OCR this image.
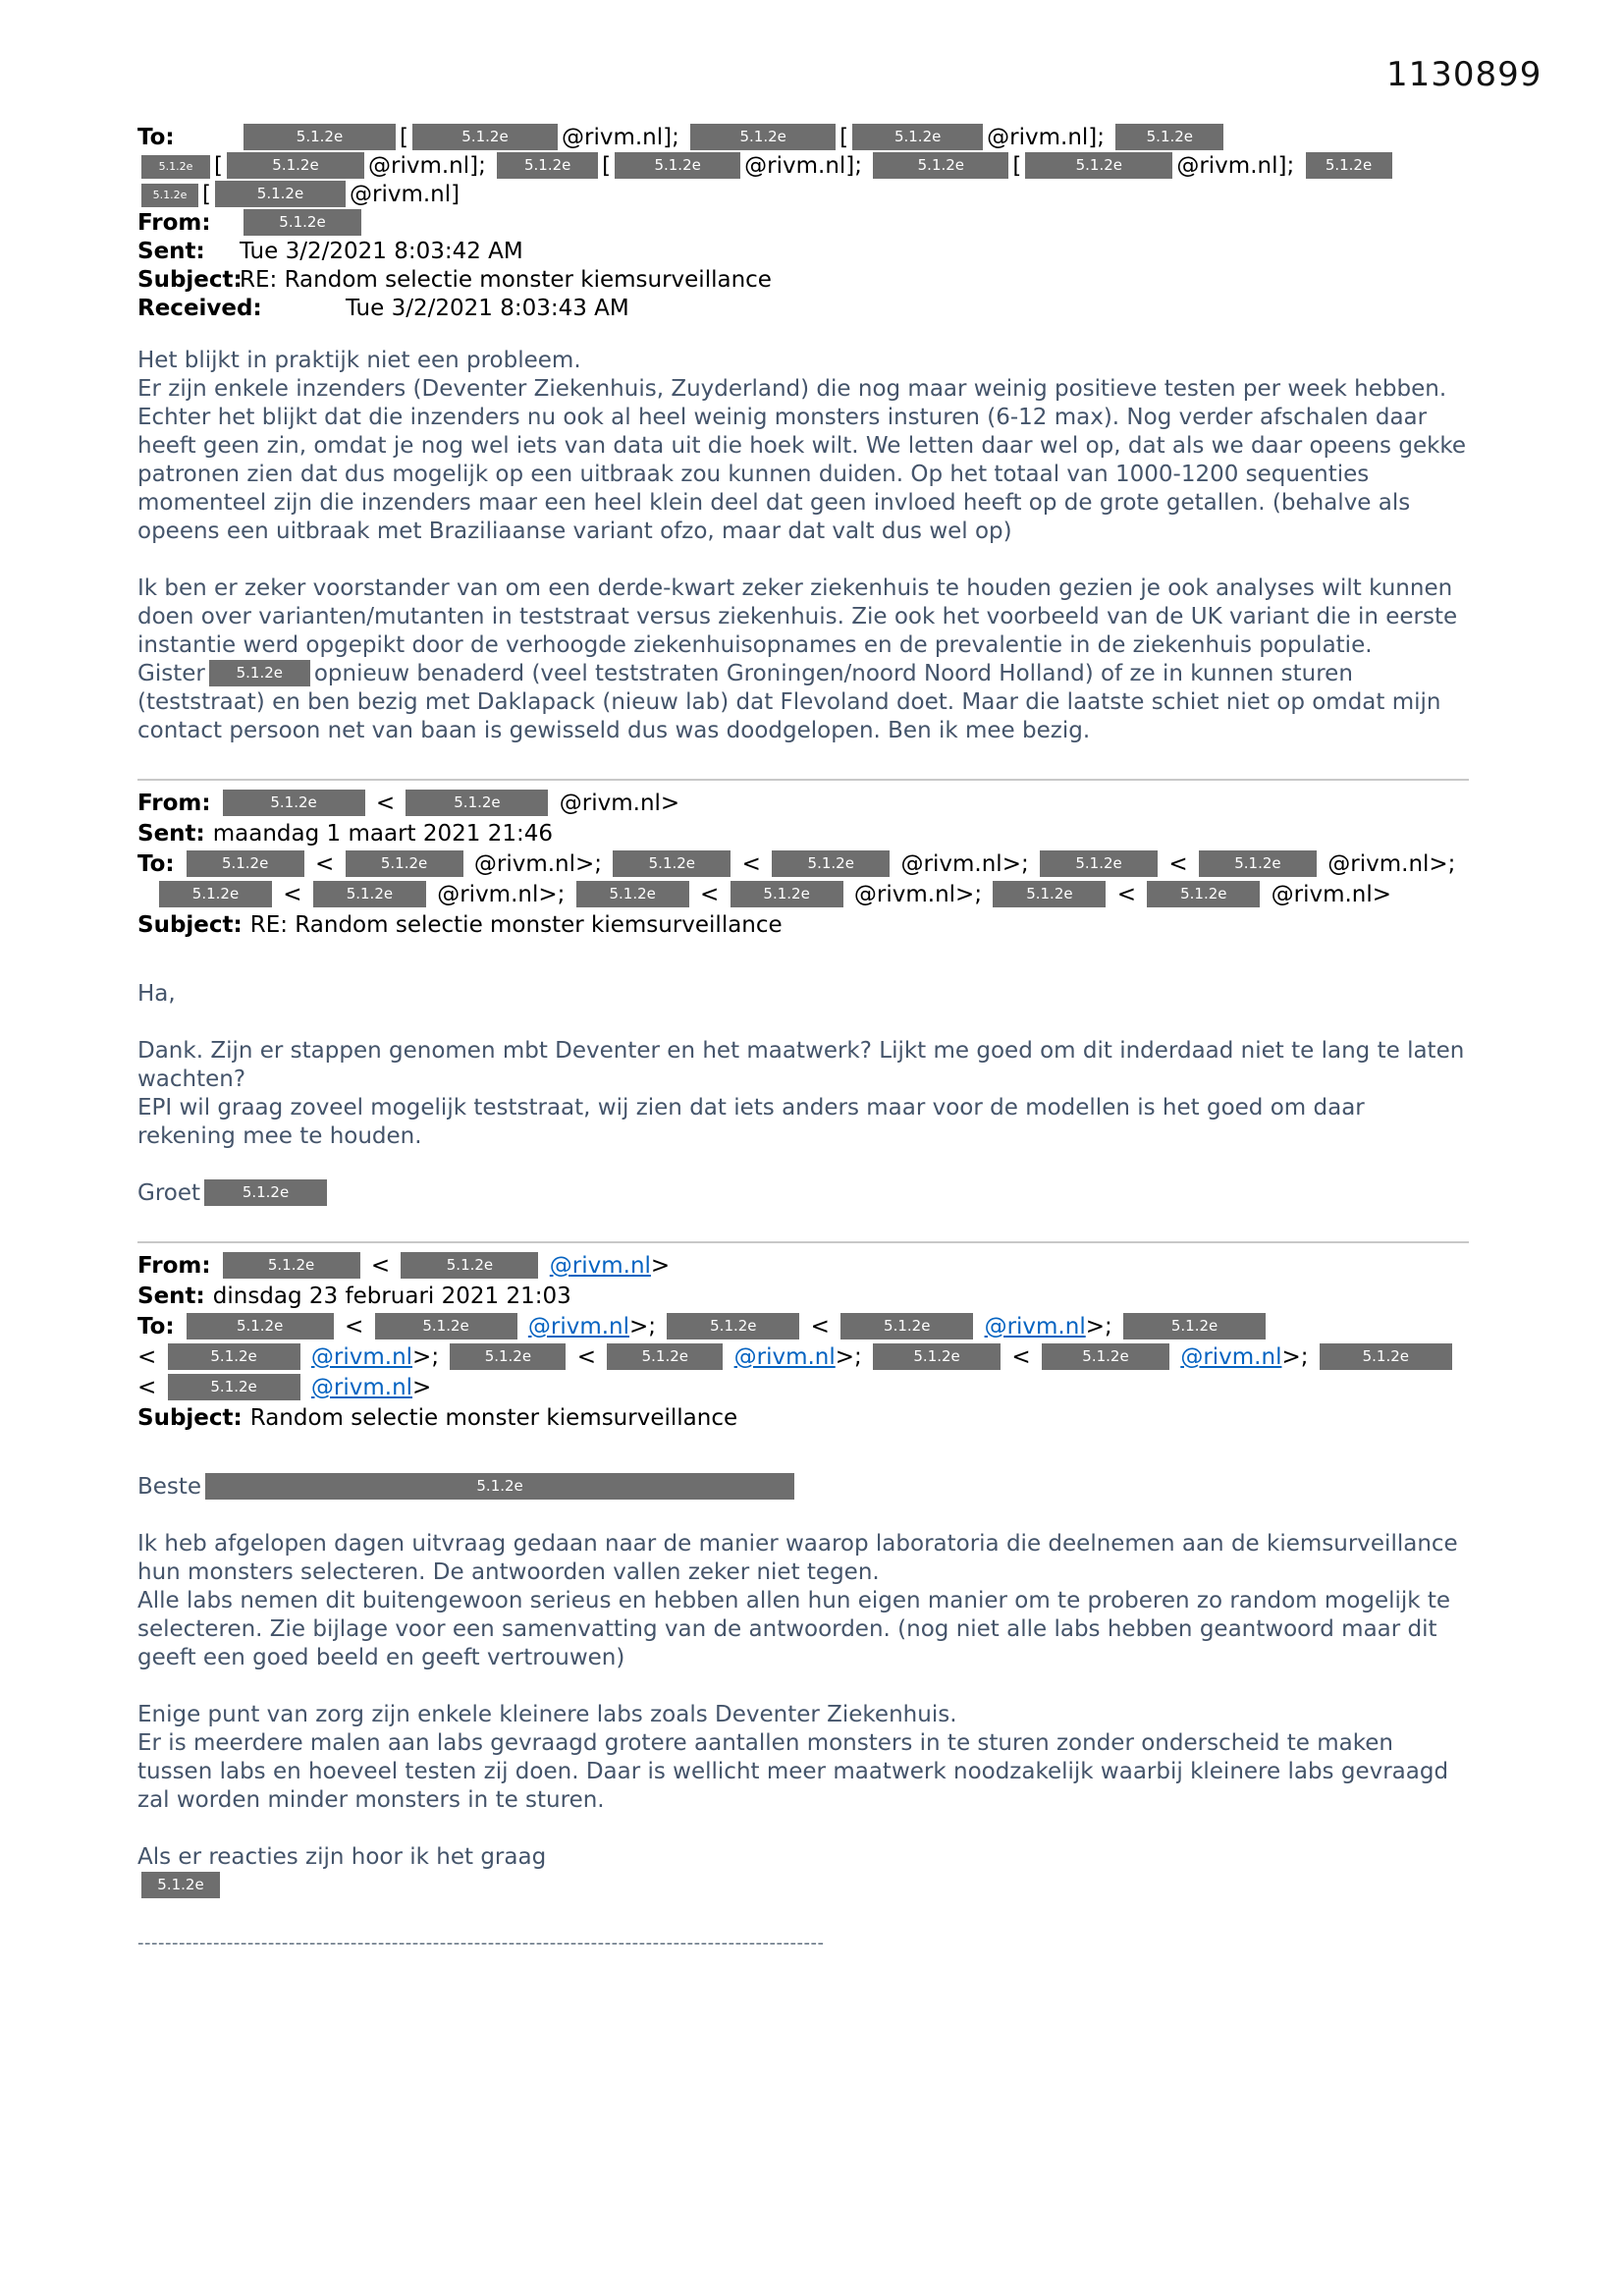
1130899
To:	5.1.2e	[	5.1.2e @rivm.nl];	5.1.2e [	5.1.2e @rivm.nl]; 5.1.2e
5.1.2e [	5.1.2e @rivm.nl]; 5.1.2e [	5.1.2e @rivm.nl];	5.1.2e [	5.1.2e @rivm.nl]; 5.1.2e
5.1.2e [	5.1.2e @rivm.nl]
From:	5.1.2e
Sent: Tue 3/2/2021 8:03:42 AM
Subject:RE: Random selectie monster kiemsurveillance
Received:	Tue 3/2/2021 8:03:43 AM
Het blijkt in praktijk niet een probleem.
Er zijn enkele inzenders (Deventer Ziekenhuis, Zuyderland) die nog maar weinig positieve testen per week hebben. Echter het blijkt dat die inzenders nu ook al heel weinig monsters insturen (6-12 max). Nog verder afschalen daar heeft geen zin, omdat je nog wel iets van data uit die hoek wilt. We letten daar wel op, dat als we daar opeens gekke patronen zien dat dus mogelijk op een uitbraak zou kunnen duiden. Op het totaal van 1000-1200 sequenties momenteel zijn die inzenders maar een heel klein deel dat geen invloed heeft op de grote getallen. (behalve als opeens een uitbraak met Braziliaanse variant ofzo, maar dat valt dus wel op)
Ik ben er zeker voorstander van om een derde-kwart zeker ziekenhuis te houden gezien je ook analyses wilt kunnen doen over varianten/mutanten in teststraat versus ziekenhuis. Zie ook het voorbeeld van de UK variant die in eerste instantie werd opgepikt door de verhoogde ziekenhuisopnames en de prevalentie in de ziekenhuis populatie.
Gister 5.1.2e opnieuw benaderd (veel teststraten Groningen/noord Noord Holland) of ze in kunnen sturen (teststraat) en ben bezig met Daklapack (nieuw lab) dat Flevoland doet. Maar die laatste schiet niet op omdat mijn contact persoon net van baan is gewisseld dus was doodgelopen. Ben ik mee bezig.
From:	5.1.2e <	5.1.2e @rivm.nl>
Sent: maandag 1 maart 2021 21:46
To:	5.1.2e <	5.1.2e @rivm.nl>;	5.1.2e <	5.1.2e @rivm.nl>;	5.1.2e <	5.1.2e @rivm.nl>;
5.1.2e <	5.1.2e @rivm.nl>;	5.1.2e <	5.1.2e @rivm.nl>;	5.1.2e <	5.1.2e @rivm.nl>
Subject: RE: Random selectie monster kiemsurveillance
Ha,
Dank. Zijn er stappen genomen mbt Deventer en het maatwerk? Lijkt me goed om dit inderdaad niet te lang te laten wachten?
EPI wil graag zoveel mogelijk teststraat, wij zien dat iets anders maar voor de modellen is het goed om daar rekening mee te houden.
Groet	5.1.2e
From:	5.1.2e <	5.1.2e	@rivm.nl>
Sent: dinsdag 23 februari 2021 21:03
To:	5.1.2e <	5.1.2e	@rivm.nl>;	5.1.2e <	5.1.2e @rivm.nl>;	5.1.2e
<	5.1.2e @rivm.nl>;	5.1.2e <	5.1.2e @rivm.nl>;	5.1.2e <	5.1.2e @rivm.nl>;	5.1.2e
<	5.1.2e @rivm.nl>
Subject: Random selectie monster kiemsurveillance
Beste	5.1.2e
Ik heb afgelopen dagen uitvraag gedaan naar de manier waarop laboratoria die deelnemen aan de kiemsurveillance hun monsters selecteren. De antwoorden vallen zeker niet tegen.
Alle labs nemen dit buitengewoon serieus en hebben allen hun eigen manier om te proberen zo random mogelijk te selecteren. Zie bijlage voor een samenvatting van de antwoorden. (nog niet alle labs hebben geantwoord maar dit geeft een goed beeld en geeft vertrouwen)
Enige punt van zorg zijn enkele kleinere labs zoals Deventer Ziekenhuis.
Er is meerdere malen aan labs gevraagd grotere aantallen monsters in te sturen zonder onderscheid te maken tussen labs en hoeveel testen zij doen. Daar is wellicht meer maatwerk noodzakelijk waarbij kleinere labs gevraagd zal worden minder monsters in te sturen.
Als er reacties zijn hoor ik het graag
5.1.2e
----------------------------------------------------------------------------------------------------
